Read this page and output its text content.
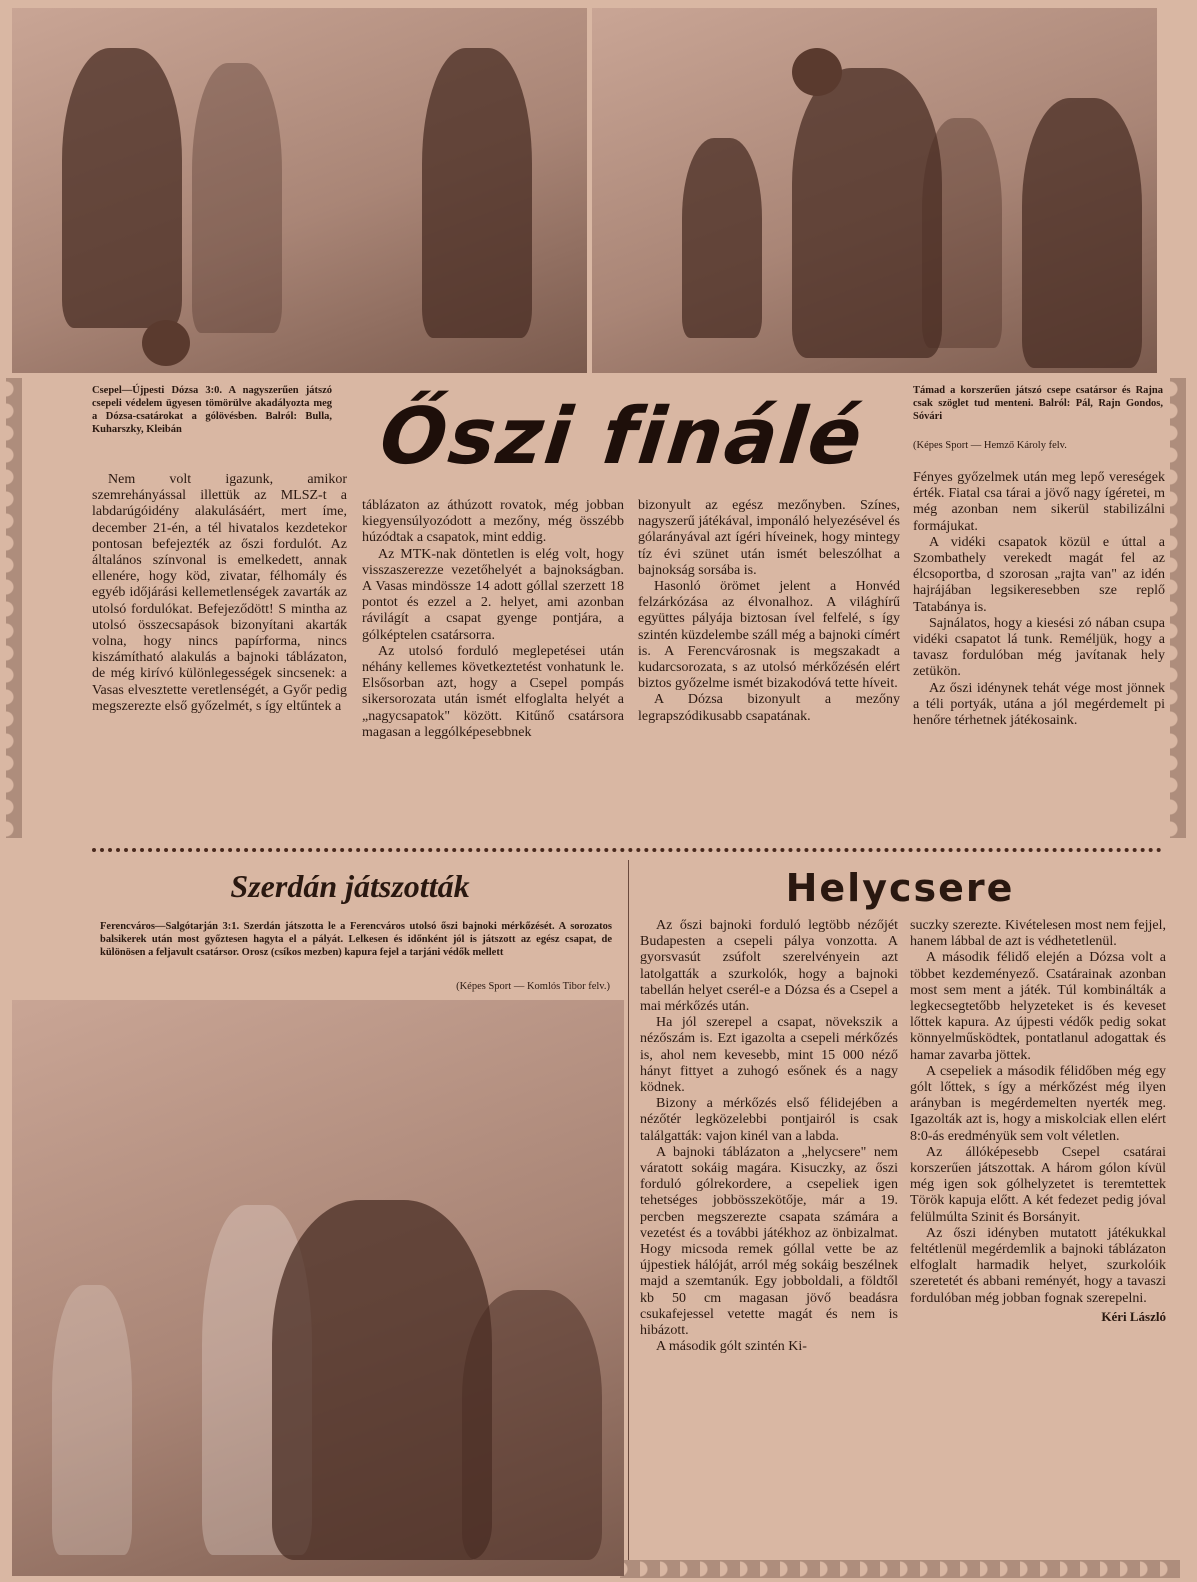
Csepel—Újpesti Dózsa 3:0. A nagyszerűen játszó csepeli védelem ügyesen tömörülve akadályozta meg a Dózsa-csatárokat a gólövésben. Balról: Bulla, Kuharszky, Kleibán
Támad a korszerűen játszó csepe csatársor és Rajna csak szöglet tud menteni. Balról: Pál, Rajn Gondos, Sóvári
(Képes Sport — Hemző Károly felv.
Őszi finálé

Nem volt igazunk, amikor szemrehányással illettük az MLSZ-t a labdarúgóidény alakulásáért, mert íme, december 21-én, a tél hivatalos kezdetekor pontosan befejezték az őszi fordulót. Az általános színvonal is emelkedett, annak ellenére, hogy köd, zivatar, félhomály és egyéb időjárási kellemetlenségek zavarták az utolsó fordulókat. Befejeződött! S mintha az utolsó összecsapások bizonyítani akarták volna, hogy nincs papírforma, nincs kiszámítható alakulás a bajnoki táblázaton, de még kirívó különlegességek sincsenek: a Vasas elvesztette veretlenségét, a Győr pedig megszerezte első győzelmét, s így eltűntek a

táblázaton az áthúzott rovatok, még jobban kiegyensúlyozódott a mezőny, még összébb húzódtak a csapatok, mint eddig.

Az MTK-nak döntetlen is elég volt, hogy visszaszerezze vezetőhelyét a bajnokságban. A Vasas mindössze 14 adott góllal szerzett 18 pontot és ezzel a 2. helyet, ami azonban rávilágít a csapat gyenge pontjára, a gólképtelen csatársorra.

Az utolsó forduló meglepetései után néhány kellemes következtetést vonhatunk le. Elsősorban azt, hogy a Csepel pompás sikersorozata után ismét elfoglalta helyét a „nagycsapatok" között. Kitűnő csatársora magasan a leggólképesebbnek

bizonyult az egész mezőnyben. Színes, nagyszerű játékával, imponáló helyezésével és gólarányával azt ígéri híveinek, hogy mintegy tíz évi szünet után ismét beleszólhat a bajnokság sorsába is.

Hasonló örömet jelent a Honvéd felzárkózása az élvonalhoz. A világhírű együttes pályája biztosan ível felfelé, s így szintén küzdelembe száll még a bajnoki címért is. A Ferencvárosnak is megszakadt a kudarcsorozata, s az utolsó mérkőzésén elért biztos győzelme ismét bizakodóvá tette híveit.

A Dózsa bizonyult a mezőny legrapszódikusabb csapatának.

Fényes győzelmek után meg lepő vereségek érték. Fiatal csa tárai a jövő nagy ígéretei, m még azonban nem sikerül stabilizálni formájukat.

A vidéki csapatok közül e úttal a Szombathely verekedt magát fel az élcsoportba, d szorosan „rajta van" az idén hajrájában legsikeresebben sze replő Tatabánya is.

Sajnálatos, hogy a kiesési zó nában csupa vidéki csapatot lá tunk. Reméljük, hogy a tavasz fordulóban még javítanak hely zetükön.

Az őszi idénynek tehát vége most jönnek a téli portyák, utána a jól megérdemelt pi henőre térhetnek játékosaink.

Szerdán játszották
Ferencváros—Salgótarján 3:1. Szerdán játszotta le a Ferencváros utolsó őszi bajnoki mérkőzését. A sorozatos balsikerek után most győztesen hagyta el a pályát. Lelkesen és időnként jól is játszott az egész csapat, de különösen a feljavult csatársor. Orosz (csíkos mezben) kapura fejel a tarjáni védők mellett
(Képes Sport — Komlós Tibor felv.)
Helycsere

Az őszi bajnoki forduló legtöbb nézőjét Budapesten a csepeli pálya vonzotta. A gyorsvasút zsúfolt szerelvényein azt latolgatták a szurkolók, hogy a bajnoki tabellán helyet cserél-e a Dózsa és a Csepel a mai mérkőzés után.

Ha jól szerepel a csapat, növekszik a nézőszám is. Ezt igazolta a csepeli mérkőzés is, ahol nem kevesebb, mint 15 000 néző hányt fittyet a zuhogó esőnek és a nagy ködnek.

Bizony a mérkőzés első félidejében a nézőtér legközelebbi pontjairól is csak találgatták: vajon kinél van a labda.

A bajnoki táblázaton a „helycsere" nem váratott sokáig magára. Kisuczky, az őszi forduló gólrekordere, a csepeliek igen tehetséges jobbösszekötője, már a 19. percben megszerezte csapata számára a vezetést és a további játékhoz az önbizalmat. Hogy micsoda remek góllal vette be az újpestiek hálóját, arról még sokáig beszélnek majd a szemtanúk. Egy jobboldali, a földtől kb 50 cm magasan jövő beadásra csukafejessel vetette magát és nem is hibázott.

A második gólt szintén Ki-

suczky szerezte. Kivételesen most nem fejjel, hanem lábbal de azt is védhetetlenül.

A második félidő elején a Dózsa volt a többet kezdeményező. Csatárainak azonban most sem ment a játék. Túl kombinálták a legkecsegtetőbb helyzeteket is és keveset lőttek kapura. Az újpesti védők pedig sokat könnyelműsködtek, pontatlanul adogattak és hamar zavarba jöttek.

A csepeliek a második félidőben még egy gólt lőttek, s így a mérkőzést még ilyen arányban is megérdemelten nyerték meg. Igazolták azt is, hogy a miskolciak ellen elért 8:0-ás eredményük sem volt véletlen.

Az állóképesebb Csepel csatárai korszerűen játszottak. A három gólon kívül még igen sok gólhelyzetet is teremtettek Török kapuja előtt. A két fedezet pedig jóval felülmúlta Szinit és Borsányit.

Az őszi idényben mutatott játékukkal feltétlenül megérdemlik a bajnoki táblázaton elfoglalt harmadik helyet, szurkolóik szeretetét és abbani reményét, hogy a tavaszi fordulóban még jobban fognak szerepelni.

Kéri László
